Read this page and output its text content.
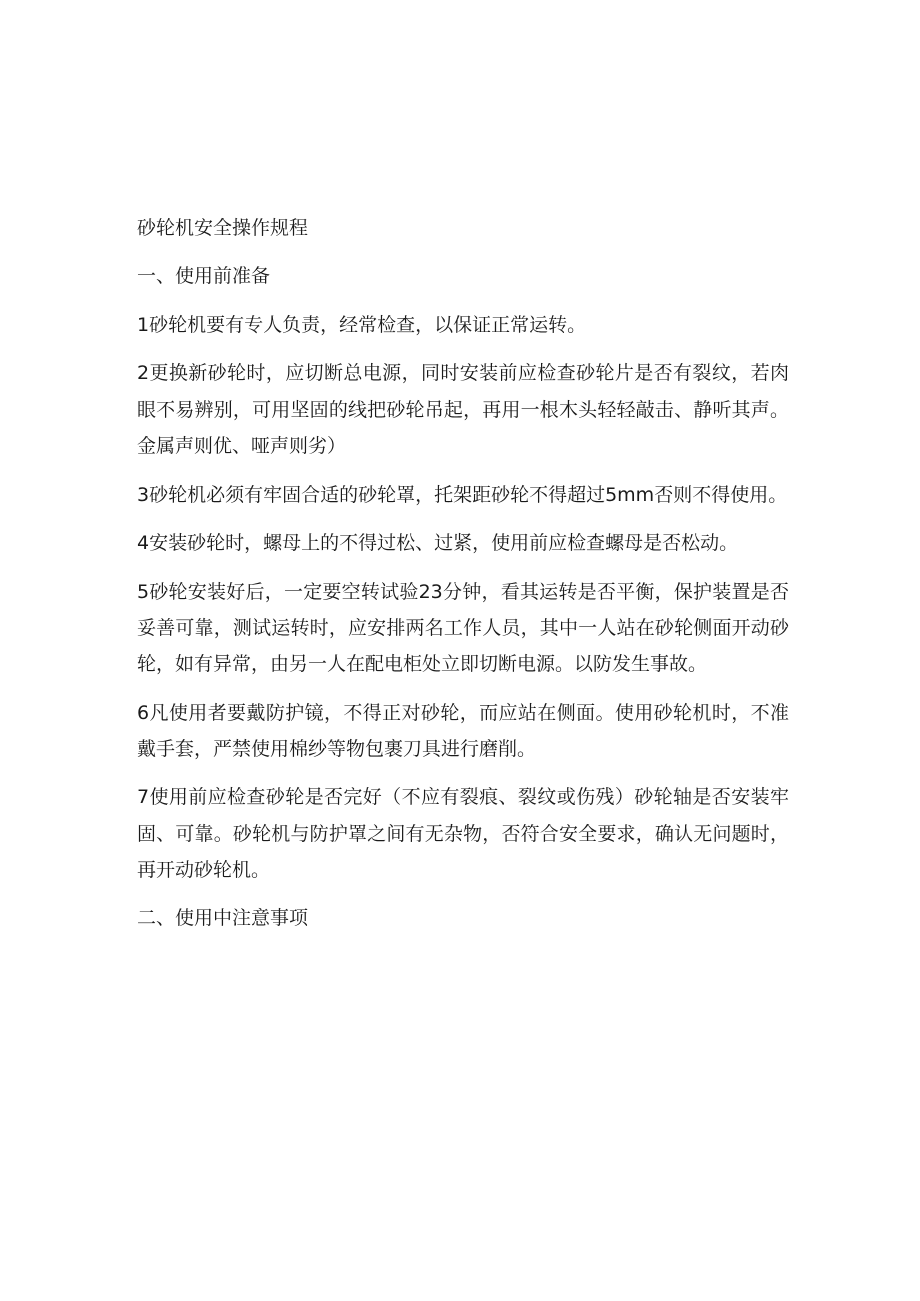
砂轮机安全操作规程

一、使用前准备

1砂轮机要有专人负责，经常检查，以保证正常运转。

2更换新砂轮时，应切断总电源，同时安装前应检查砂轮片是否有裂纹，若肉眼不易辨别，可用坚固的线把砂轮吊起，再用一根木头轻轻敲击、静听其声。金属声则优、哑声则劣）

3砂轮机必须有牢固合适的砂轮罩，托架距砂轮不得超过5mm否则不得使用。

4安装砂轮时，螺母上的不得过松、过紧，使用前应检查螺母是否松动。

5砂轮安装好后，一定要空转试验23分钟，看其运转是否平衡，保护装置是否妥善可靠，测试运转时，应安排两名工作人员，其中一人站在砂轮侧面开动砂轮，如有异常，由另一人在配电柜处立即切断电源。以防发生事故。

6凡使用者要戴防护镜，不得正对砂轮，而应站在侧面。使用砂轮机时，不准戴手套，严禁使用棉纱等物包裹刀具进行磨削。

7使用前应检查砂轮是否完好（不应有裂痕、裂纹或伤残）砂轮轴是否安装牢固、可靠。砂轮机与防护罩之间有无杂物，否符合安全要求，确认无问题时，再开动砂轮机。

二、使用中注意事项
